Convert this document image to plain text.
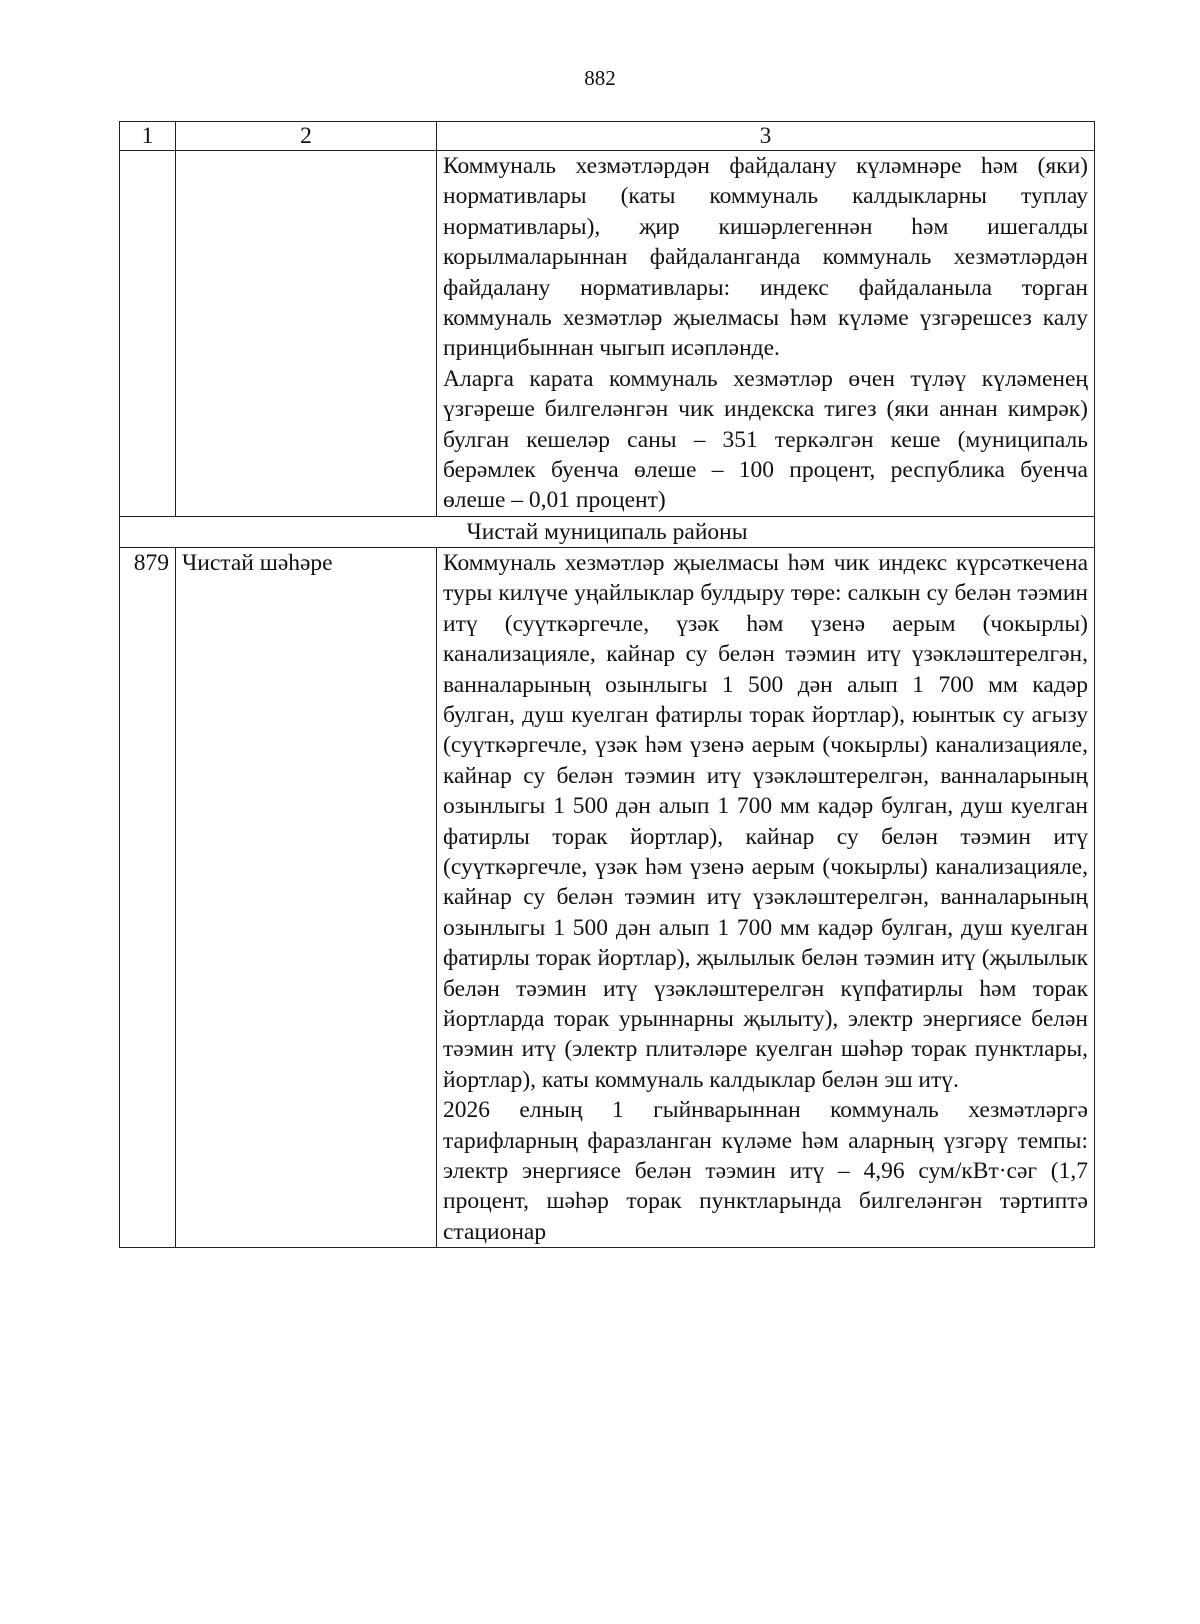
882
1	2	3

		Коммуналь хезмәтләрдән файдалану күләмнәре һәм (яки) нормативлары (каты коммуналь калдыкларны туплау нормативлары), җир кишәрлегеннән һәм ишегалды корылмаларыннан файдаланганда коммуналь хезмәтләрдән файдалану нормативлары: индекс файдаланыла торган коммуналь хезмәтләр җыелмасы һәм күләме үзгәрешсез калу принцибыннан чыгып исәпләнде.
Аларга карата коммуналь хезмәтләр өчен түләү күләменең үзгәреше билгеләнгән чик индекска тигез (яки аннан кимрәк) булган кешеләр саны – 351 теркәлгән кеше (муниципаль берәмлек буенча өлеше – 100 процент, республика буенча өлеше – 0,01 процент)

Чистай муниципаль районы		
879	Чистай шәһәре	Коммуналь хезмәтләр җыелмасы һәм чик индекс күрсәткечена туры килүче уңайлыклар булдыру төре: салкын су белән тәэмин итү (суүткәргечле, үзәк һәм үзенә аерым (чокырлы) канализацияле, кайнар су белән тәэмин итү үзәкләштерелгән, ванналарының озынлыгы 1 500 дән алып 1 700 мм кадәр булган, душ куелган фатирлы торак йортлар), юынтык су агызу (суүткәргечле, үзәк һәм үзенә аерым (чокырлы) канализацияле, кайнар су белән тәэмин итү үзәкләштерелгән, ванналарының озынлыгы 1 500 дән алып 1 700 мм кадәр булган, душ куелган фатирлы торак йортлар), кайнар су белән тәэмин итү (суүткәргечле, үзәк һәм үзенә аерым (чокырлы) канализацияле, кайнар су белән тәэмин итү үзәкләштерелгән, ванналарының озынлыгы 1 500 дән алып 1 700 мм кадәр булган, душ куелган фатирлы торак йортлар), җылылык белән тәэмин итү (җылылык белән тәэмин итү үзәкләштерелгән күпфатирлы һәм торак йортларда торак урыннарны җылыту), электр энергиясе белән тәэмин итү (электр плитәләре куелган шәһәр торак пунктлары, йортлар), каты коммуналь калдыклар белән эш итү.
2026 елның 1 гыйнварыннан коммуналь хезмәтләргә тарифларның фаразланган күләме һәм аларның үзгәрү темпы: электр энергиясе белән тәэмин итү – 4,96 сум/кВт·сәг (1,7 процент, шәһәр торак пунктларында билгеләнгән тәртиптә стационар
